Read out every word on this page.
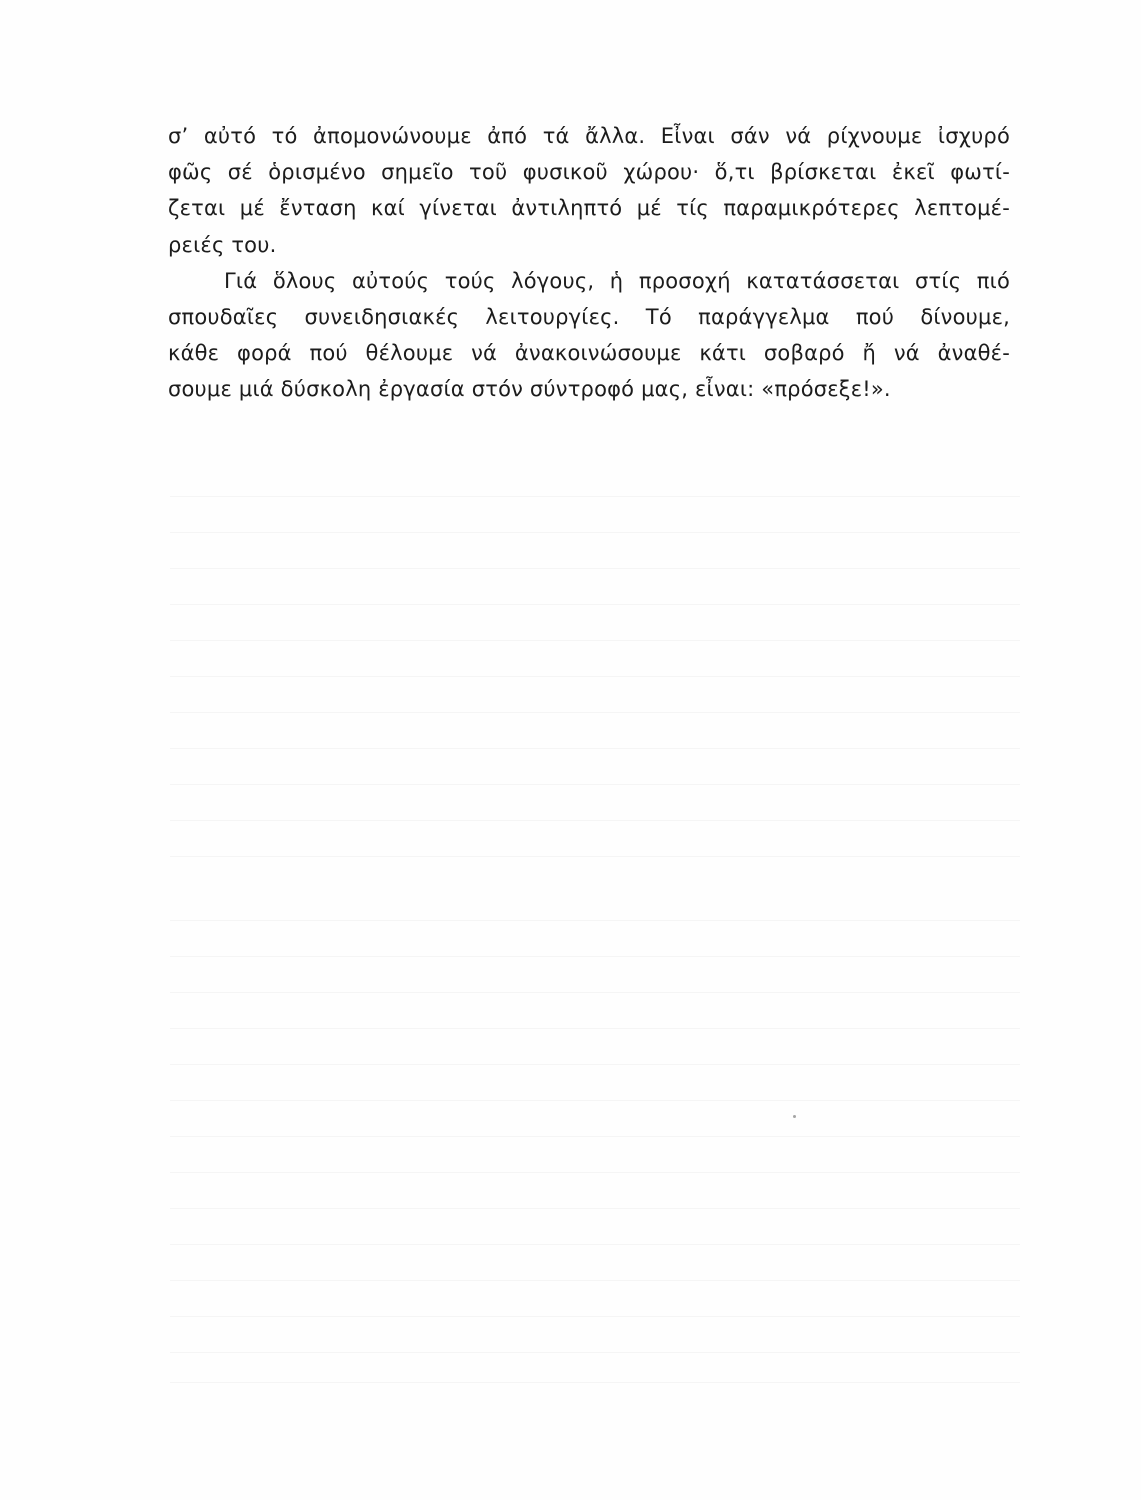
σ’ αὐτό τό ἀπομονώνουμε ἀπό τά ἄλλα. Εἶναι σάν νά ρίχνουμε ἰσχυρό
φῶς σέ ὁρισμένο σημεῖο τοῦ φυσικοῦ χώρου· ὅ,τι βρίσκεται ἐκεῖ φωτί-
ζεται μέ ἔνταση καί γίνεται ἀντιληπτό μέ τίς παραμικρότερες λεπτομέ-
ρειές του.
Γιά ὅλους αὐτούς τούς λόγους, ἡ προσοχή κατατάσσεται στίς πιό
σπουδαῖες συνειδησιακές λειτουργίες. Τό παράγγελμα πού δίνουμε,
κάθε φορά πού θέλουμε νά ἀνακοινώσουμε κάτι σοβαρό ἤ νά ἀναθέ-
σουμε μιά δύσκολη ἐργασία στόν σύντροφό μας, εἶναι: «πρόσεξε!».
